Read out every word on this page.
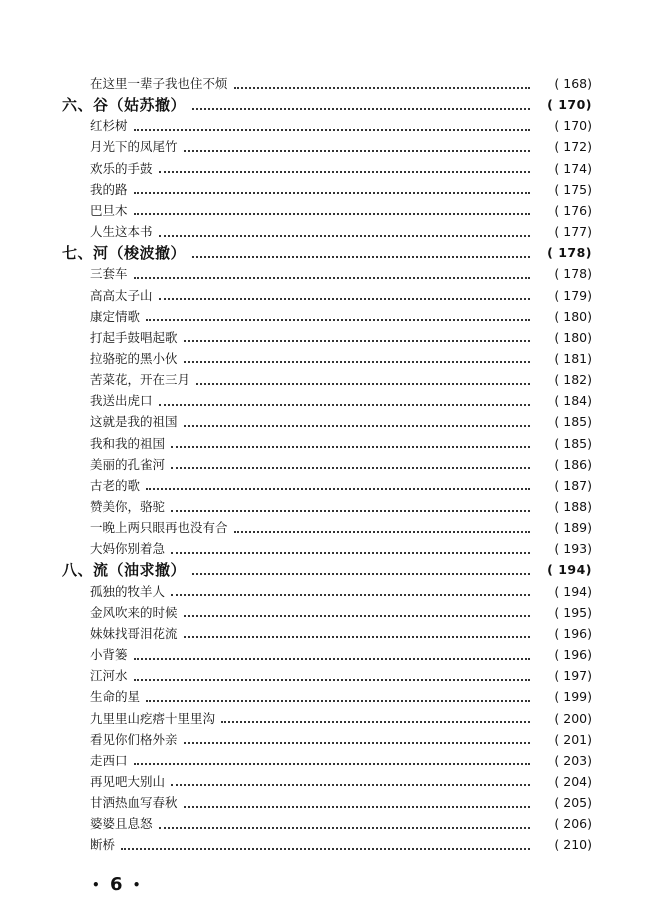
在这里一辈子我也住不烦	( 168 )
六、谷（姑苏撤）	( 170 )
红杉树	( 170 )
月光下的凤尾竹	( 172 )
欢乐的手鼓	( 174 )
我的路	( 175 )
巴旦木	( 176 )
人生这本书	( 177 )
七、河（梭波撤）	( 178 )
三套车	( 178 )
高高太子山	( 179 )
康定情歌	( 180 )
打起手鼓唱起歌	( 180 )
拉骆驼的黑小伙	( 181 )
苦菜花，开在三月	( 182 )
我送出虎口	( 184 )
这就是我的祖国	( 185 )
我和我的祖国	( 185 )
美丽的孔雀河	( 186 )
古老的歌	( 187 )
赞美你，骆驼	( 188 )
一晚上两只眼再也没有合	( 189 )
大妈你别着急	( 193 )
八、流（油求撤）	( 194 )
孤独的牧羊人	( 194 )
金风吹来的时候	( 195 )
妹妹找哥泪花流	( 196 )
小背篓	( 196 )
江河水	( 197 )
生命的星	( 199 )
九里里山疙瘩十里里沟	( 200 )
看见你们格外亲	( 201 )
走西口	( 203 )
再见吧大别山	( 204 )
甘洒热血写春秋	( 205 )
婆婆且息怒	( 206 )
断桥	( 210 )
• 6 •
